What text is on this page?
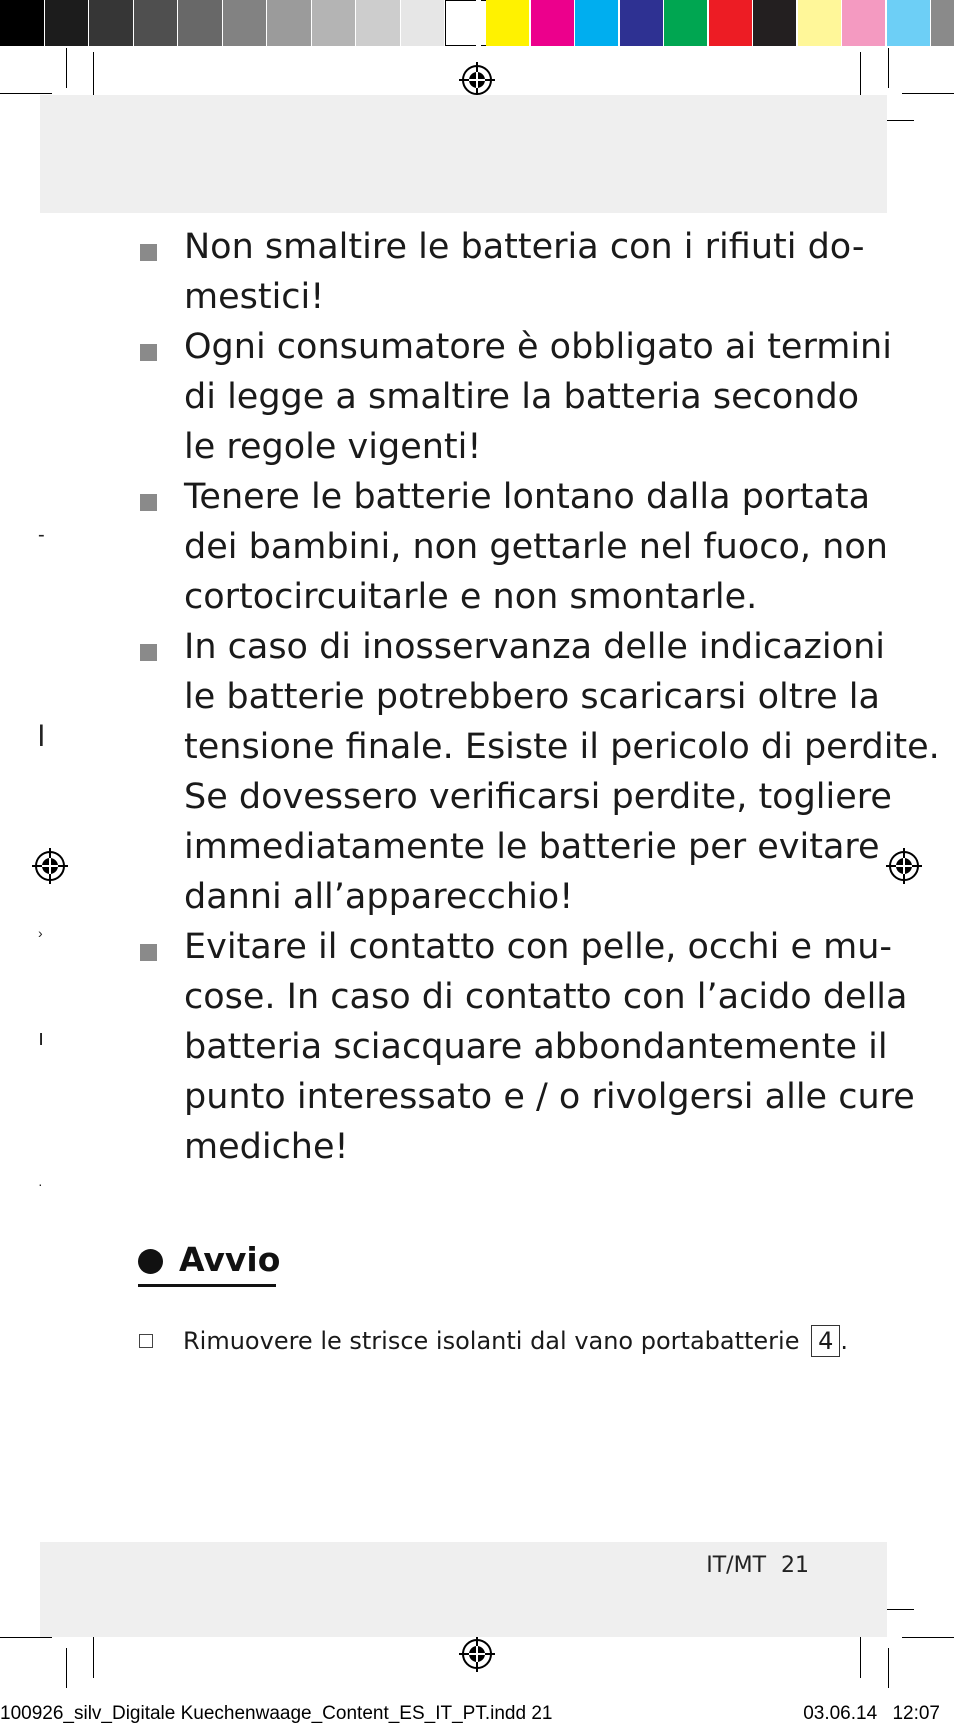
-
l
›
ı
·
Non smaltire le batteria con i rifiuti do-
mestici!
Ogni consumatore è obbligato ai termini
di legge a smaltire la batteria secondo
le regole vigenti!
Tenere le batterie lontano dalla portata
dei bambini, non gettarle nel fuoco, non
cortocircuitarle e non smontarle.
In caso di inosservanza delle indicazioni
le batterie potrebbero scaricarsi oltre la
tensione finale. Esiste il pericolo di perdite.
Se dovessero verificarsi perdite, togliere
immediatamente le batterie per evitare
danni all’apparecchio!
Evitare il contatto con pelle, occhi e mu-
cose. In caso di contatto con l’acido della
batteria sciacquare abbondantemente il
punto interessato e / o rivolgersi alle cure
mediche!
Avvio
Rimuovere le strisce isolanti dal vano portabatterie 4 .
IT/MT 21
100926_silv_Digitale Kuechenwaage_Content_ES_IT_PT.indd 21	03.06.14 12:07
